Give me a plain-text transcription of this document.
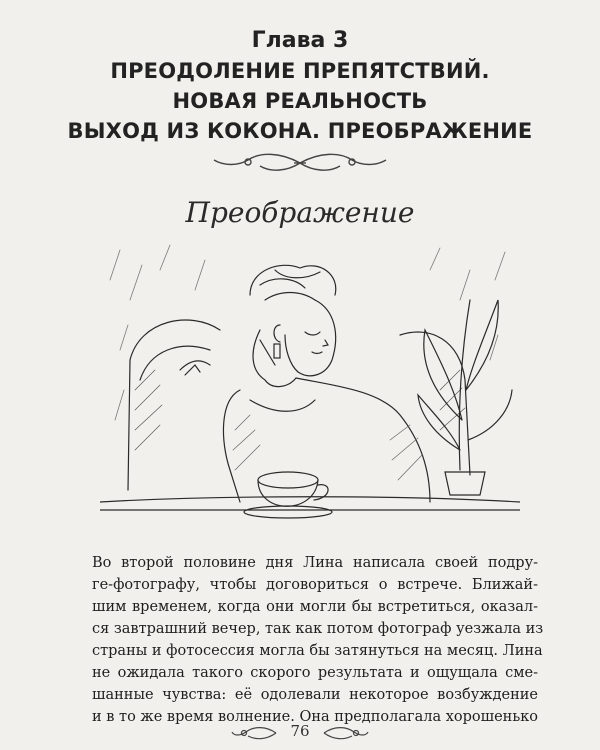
Глава 3
ПРЕОДОЛЕНИЕ ПРЕПЯТСТВИЙ.
НОВАЯ РЕАЛЬНОСТЬ
ВЫХОД ИЗ КОКОНА. ПРЕОБРАЖЕНИЕ
Преображение
Во второй половине дня Лина написала своей подру-
ге-фотографу, чтобы договориться о встрече. Ближай-
шим временем, когда они могли бы встретиться, оказал-
ся завтрашний вечер, так как потом фотограф уезжала из
страны и фотосессия могла бы затянуться на месяц. Лина
не ожидала такого скорого результата и ощущала сме-
шанные чувства: её одолевали некоторое возбуждение
и в то же время волнение. Она предполагала хорошенько
76
